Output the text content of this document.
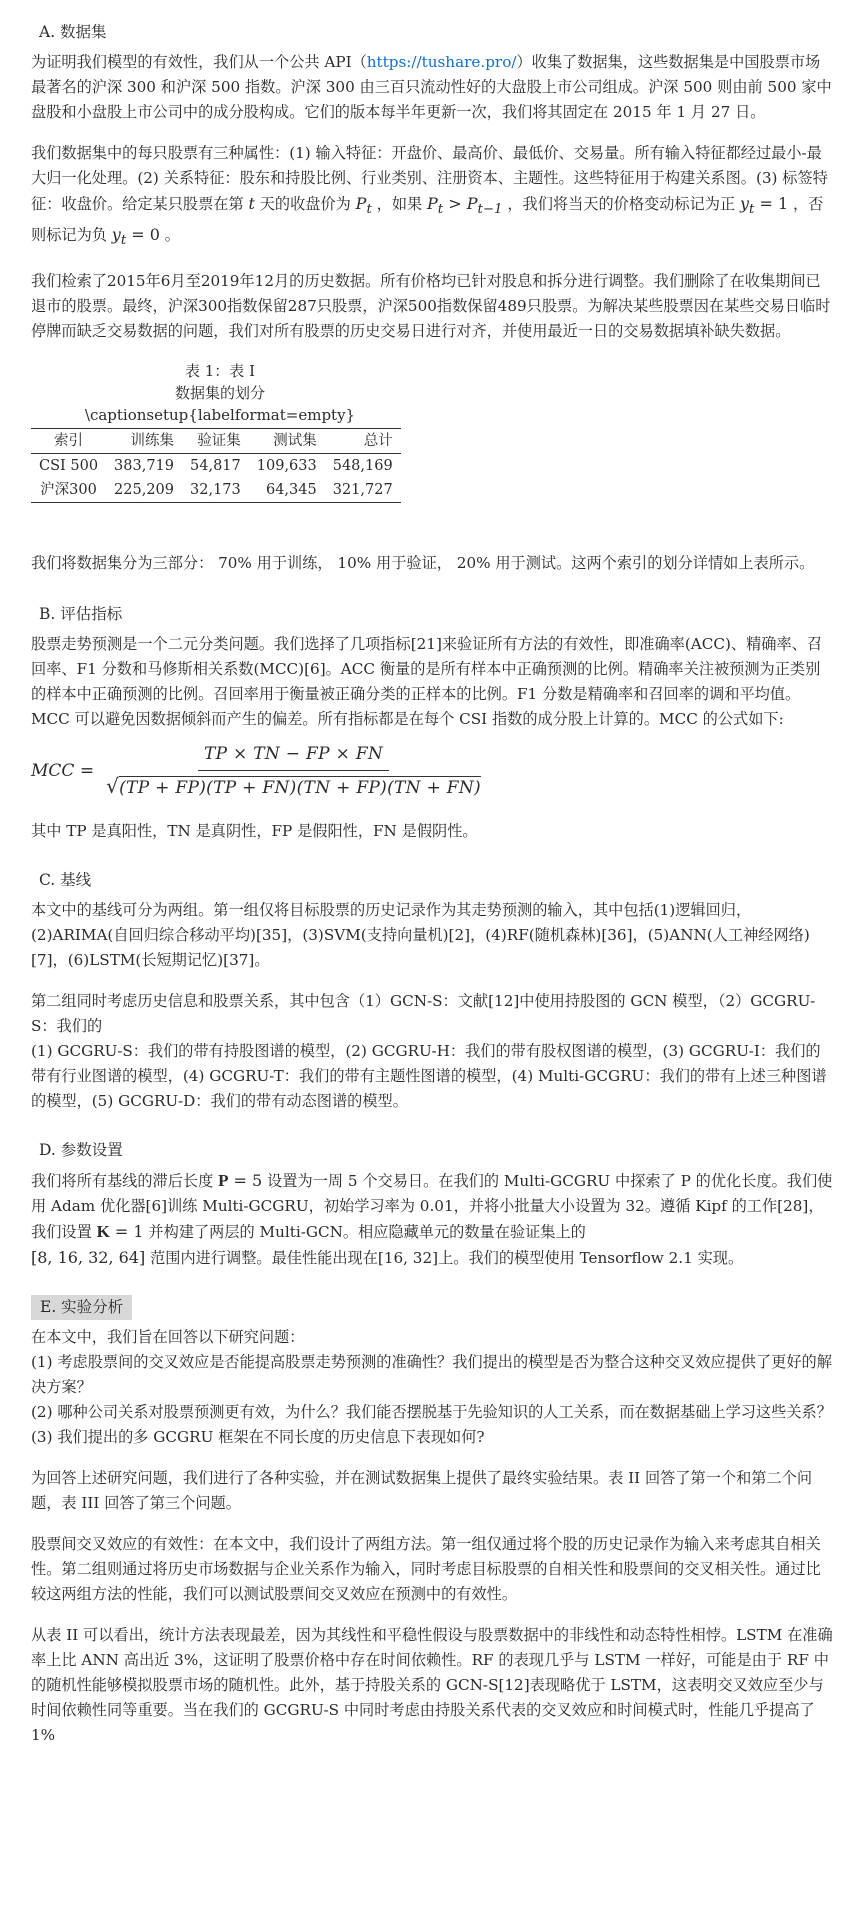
A. 数据集

为证明我们模型的有效性，我们从一个公共 API（https://tushare.pro/）收集了数据集，这些数据集是中国股票市场最著名的沪深 300 和沪深 500 指数。沪深 300 由三百只流动性好的大盘股上市公司组成。沪深 500 则由前 500 家中盘股和小盘股上市公司中的成分股构成。它们的版本每半年更新一次，我们将其固定在 2015 年 1 月 27 日。

我们数据集中的每只股票有三种属性：(1) 输入特征：开盘价、最高价、最低价、交易量。所有输入特征都经过最小-最大归一化处理。(2) 关系特征：股东和持股比例、行业类别、注册资本、主题性。这些特征用于构建关系图。(3) 标签特征：收盘价。给定某只股票在第 t 天的收盘价为 $P_t$ ，如果 $P_t > P_{t-1}$ ，我们将当天的价格变动标记为正 $y_t = 1$ ，否则标记为负 $y_t = 0$ 。

我们检索了2015年6月至2019年12月的历史数据。所有价格均已针对股息和拆分进行调整。我们删除了在收集期间已退市的股票。最终，沪深300指数保留287只股票，沪深500指数保留489只股票。为解决某些股票因在某些交易日临时停牌而缺乏交易数据的问题，我们对所有股票的历史交易日进行对齐，并使用最近一日的交易数据填补缺失数据。

表 1：表 I
数据集的划分
\captionsetup{labelformat=empty}
索引	训练集	验证集	测试集	总计
CSI 500	383,719	54,817	109,633	548,169
沪深300	225,209	32,173	64,345	321,727

我们将数据集分为三部分： 70% 用于训练， 10% 用于验证， 20% 用于测试。这两个索引的划分详情如上表所示。

B. 评估指标

股票走势预测是一个二元分类问题。我们选择了几项指标[21]来验证所有方法的有效性，即准确率(ACC)、精确率、召回率、F1 分数和马修斯相关系数(MCC)[6]。ACC 衡量的是所有样本中正确预测的比例。精确率关注被预测为正类别的样本中正确预测的比例。召回率用于衡量被正确分类的正样本的比例。F1 分数是精确率和召回率的调和平均值。MCC 可以避免因数据倾斜而产生的偏差。所有指标都是在每个 CSI 指数的成分股上计算的。MCC 的公式如下:

MCC = $\frac{TP \times TN - FP \times FN}{√(TP + FP)(TP + FN)(TN + FP)(TN + FN)}$

其中 TP 是真阳性，TN 是真阴性，FP 是假阳性，FN 是假阴性。

C. 基线

本文中的基线可分为两组。第一组仅将目标股票的历史记录作为其走势预测的输入，其中包括(1)逻辑回归，(2)ARIMA(自回归综合移动平均)[35]，(3)SVM(支持向量机)[2]，(4)RF(随机森林)[36]，(5)ANN(人工神经网络)[7]，(6)LSTM(长短期记忆)[37]。

第二组同时考虑历史信息和股票关系，其中包含（1）GCN-S：文献[12]中使用持股图的 GCN 模型，（2）GCGRU-S：我们的
(1) GCGRU-S：我们的带有持股图谱的模型，(2) GCGRU-H：我们的带有股权图谱的模型，(3) GCGRU-I：我们的带有行业图谱的模型，(4) GCGRU-T：我们的带有主题性图谱的模型，(4) Multi-GCGRU：我们的带有上述三种图谱的模型，(5) GCGRU-D：我们的带有动态图谱的模型。

D. 参数设置

我们将所有基线的滞后长度 P = 5 设置为一周 5 个交易日。在我们的 Multi-GCGRU 中探索了 P 的优化长度。我们使用 Adam 优化器[6]训练 Multi-GCGRU，初始学习率为 0.01，并将小批量大小设置为 32。遵循 Kipf 的工作[28]，我们设置 K = 1 并构建了两层的 Multi-GCN。相应隐藏单元的数量在验证集上的
[8, 16, 32, 64] 范围内进行调整。最佳性能出现在[16, 32]上。我们的模型使用 Tensorflow 2.1 实现。

E. 实验分析

在本文中，我们旨在回答以下研究问题：
(1) 考虑股票间的交叉效应是否能提高股票走势预测的准确性？我们提出的模型是否为整合这种交叉效应提供了更好的解决方案？
(2) 哪种公司关系对股票预测更有效，为什么？我们能否摆脱基于先验知识的人工关系，而在数据基础上学习这些关系？
(3) 我们提出的多 GCGRU 框架在不同长度的历史信息下表现如何?

为回答上述研究问题，我们进行了各种实验，并在测试数据集上提供了最终实验结果。表 II 回答了第一个和第二个问题，表 III 回答了第三个问题。

股票间交叉效应的有效性：在本文中，我们设计了两组方法。第一组仅通过将个股的历史记录作为输入来考虑其自相关性。第二组则通过将历史市场数据与企业关系作为输入，同时考虑目标股票的自相关性和股票间的交叉相关性。通过比较这两组方法的性能，我们可以测试股票间交叉效应在预测中的有效性。

从表 II 可以看出，统计方法表现最差，因为其线性和平稳性假设与股票数据中的非线性和动态特性相悖。LSTM 在准确率上比 ANN 高出近 3%，这证明了股票价格中存在时间依赖性。RF 的表现几乎与 LSTM 一样好，可能是由于 RF 中的随机性能够模拟股票市场的随机性。此外，基于持股关系的 GCN-S[12]表现略优于 LSTM，这表明交叉效应至少与时间依赖性同等重要。当在我们的 GCGRU-S 中同时考虑由持股关系代表的交叉效应和时间模式时，性能几乎提高了 1%
